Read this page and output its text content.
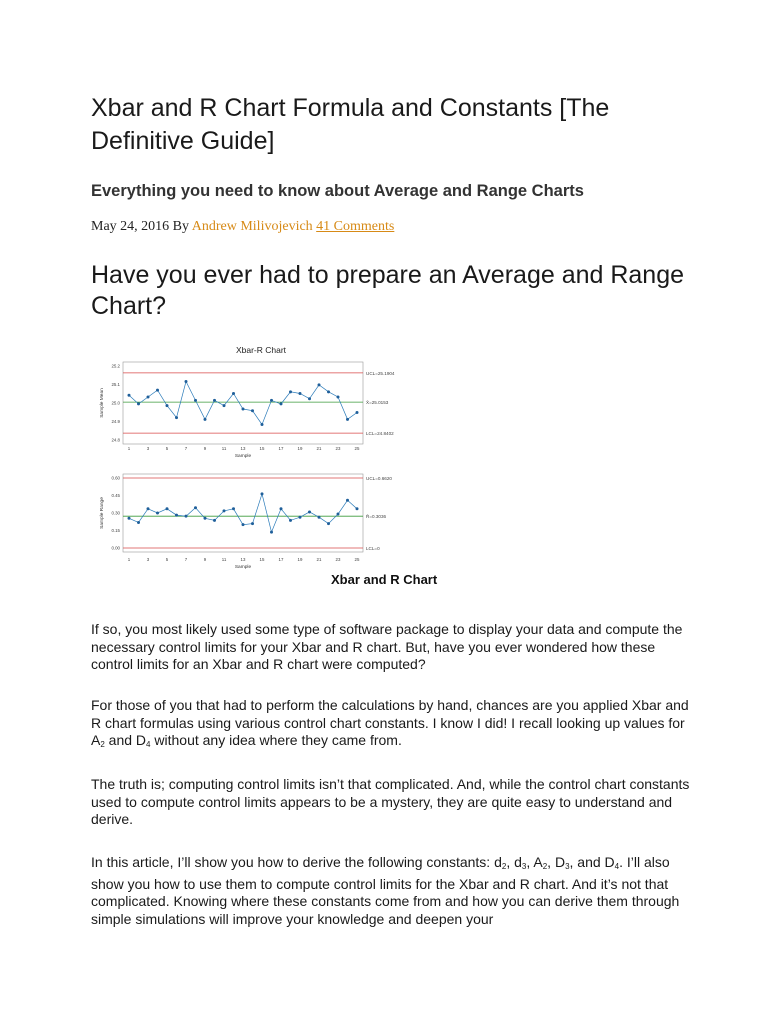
Xbar and R Chart Formula and Constants [The Definitive Guide]
Everything you need to know about Average and Range Charts
May 24, 2016 By Andrew Milivojevich 41 Comments
Have you ever had to prepare an Average and Range Chart?
Xbar-R Chart
UCL=25.1904
X̄=25.0153
LCL=24.8402
25.2
25.1
25.0
24.9
24.8
1	3	5	7	9	11	13	15	17	19	21	23	25
Sample
Sample Mean
UCL=0.6620
R̄=0.3036
LCL=0
0.60
0.45
0.30
0.15
0.00
1	3	5	7	9	11	13	15	17	19	21	23	25
Sample
Sample Range
Xbar and R Chart

If so, you most likely used some type of software package to display your data and compute the necessary control limits for your Xbar and R chart. But, have you ever wondered how these control limits for an Xbar and R chart were computed?

For those of you that had to perform the calculations by hand, chances are you applied Xbar and R chart formulas using various control chart constants. I know I did! I recall looking up values for $A_2$ and $D_4$ without any idea where they came from.

The truth is; computing control limits isn’t that complicated. And, while the control chart constants used to compute control limits appears to be a mystery, they are quite easy to understand and derive.

In this article, I’ll show you how to derive the following constants: $d_2$, $d_3$, $A_2$, $D_3$, and $D_4$. I’ll also show you how to use them to compute control limits for the Xbar and R chart. And it’s not that complicated. Knowing where these constants come from and how you can derive them through simple simulations will improve your knowledge and deepen your
